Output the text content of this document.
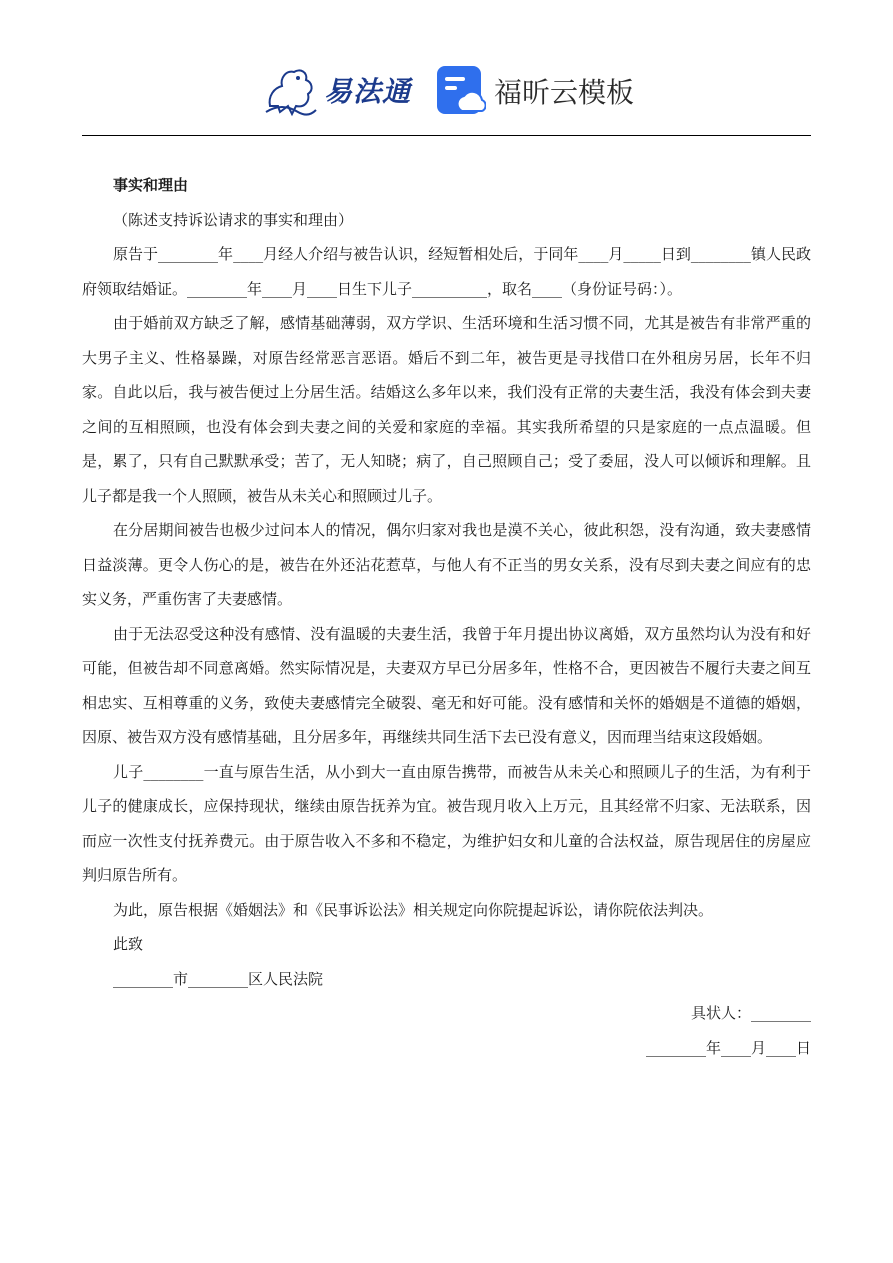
易法通	福昕云模板

事实和理由

（陈述支持诉讼请求的事实和理由）

原告于________年____月经人介绍与被告认识，经短暂相处后，于同年____月_____日到________镇人民政府领取结婚证。________年____月____日生下儿子__________，取名____（身份证号码：）。

由于婚前双方缺乏了解，感情基础薄弱，双方学识、生活环境和生活习惯不同，尤其是被告有非常严重的大男子主义、性格暴躁，对原告经常恶言恶语。婚后不到二年，被告更是寻找借口在外租房另居，长年不归家。自此以后，我与被告便过上分居生活。结婚这么多年以来，我们没有正常的夫妻生活，我没有体会到夫妻之间的互相照顾，也没有体会到夫妻之间的关爱和家庭的幸福。其实我所希望的只是家庭的一点点温暖。但是，累了，只有自己默默承受；苦了，无人知晓；病了，自己照顾自己；受了委屈，没人可以倾诉和理解。且儿子都是我一个人照顾，被告从未关心和照顾过儿子。

在分居期间被告也极少过问本人的情况，偶尔归家对我也是漠不关心，彼此积怨，没有沟通，致夫妻感情日益淡薄。更令人伤心的是，被告在外还沾花惹草，与他人有不正当的男女关系，没有尽到夫妻之间应有的忠实义务，严重伤害了夫妻感情。

由于无法忍受这种没有感情、没有温暖的夫妻生活，我曾于年月提出协议离婚，双方虽然均认为没有和好可能，但被告却不同意离婚。然实际情况是，夫妻双方早已分居多年，性格不合，更因被告不履行夫妻之间互相忠实、互相尊重的义务，致使夫妻感情完全破裂、毫无和好可能。没有感情和关怀的婚姻是不道德的婚姻，因原、被告双方没有感情基础，且分居多年，再继续共同生活下去已没有意义，因而理当结束这段婚姻。

儿子________一直与原告生活，从小到大一直由原告携带，而被告从未关心和照顾儿子的生活，为有利于儿子的健康成长，应保持现状，继续由原告抚养为宜。被告现月收入上万元，且其经常不归家、无法联系，因而应一次性支付抚养费元。由于原告收入不多和不稳定，为维护妇女和儿童的合法权益，原告现居住的房屋应判归原告所有。

为此，原告根据《婚姻法》和《民事诉讼法》相关规定向你院提起诉讼，请你院依法判决。

此致

________市________区人民法院

具状人：________

________年____月____日
